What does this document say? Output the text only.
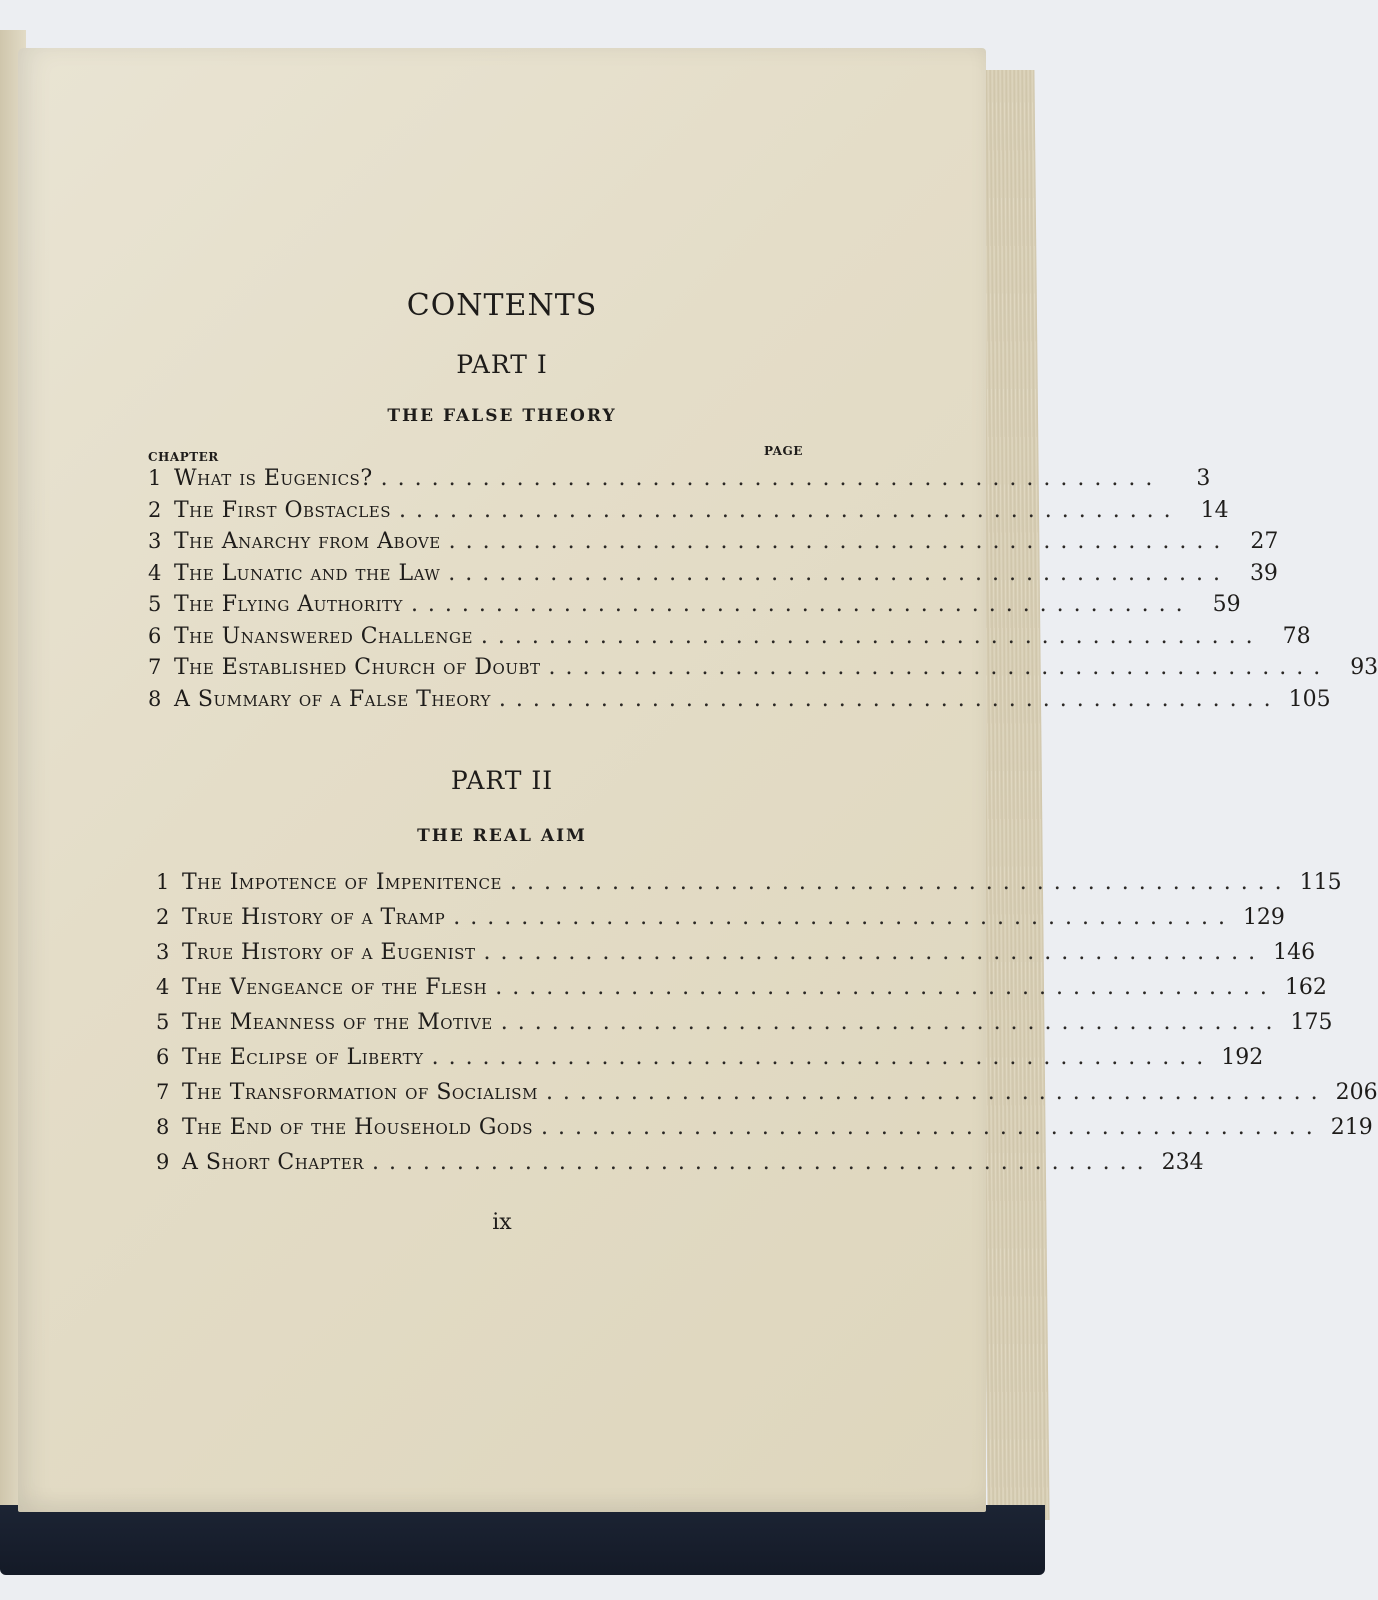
CONTENTS
PART I
THE FALSE THEORY
CHAPTER	PAGE
1 What is Eugenics? ..............................................	3
2 The First Obstacles .............................................. 14
3 The Anarchy from Above .............................................. 27
4 The Lunatic and the Law .............................................. 39
5 The Flying Authority .............................................. 59
6 The Unanswered Challenge .............................................. 78
7 The Established Church of Doubt .............................................. 93
8 A Summary of a False Theory .............................................. 105
PART II
THE REAL AIM
1 The Impotence of Impenitence .............................................. 115
2 True History of a Tramp .............................................. 129
3 True History of a Eugenist .............................................. 146
4 The Vengeance of the Flesh .............................................. 162
5 The Meanness of the Motive .............................................. 175
6 The Eclipse of Liberty .............................................. 192
7 The Transformation of Socialism .............................................. 206
8 The End of the Household Gods .............................................. 219
9 A Short Chapter .............................................. 234
ix
